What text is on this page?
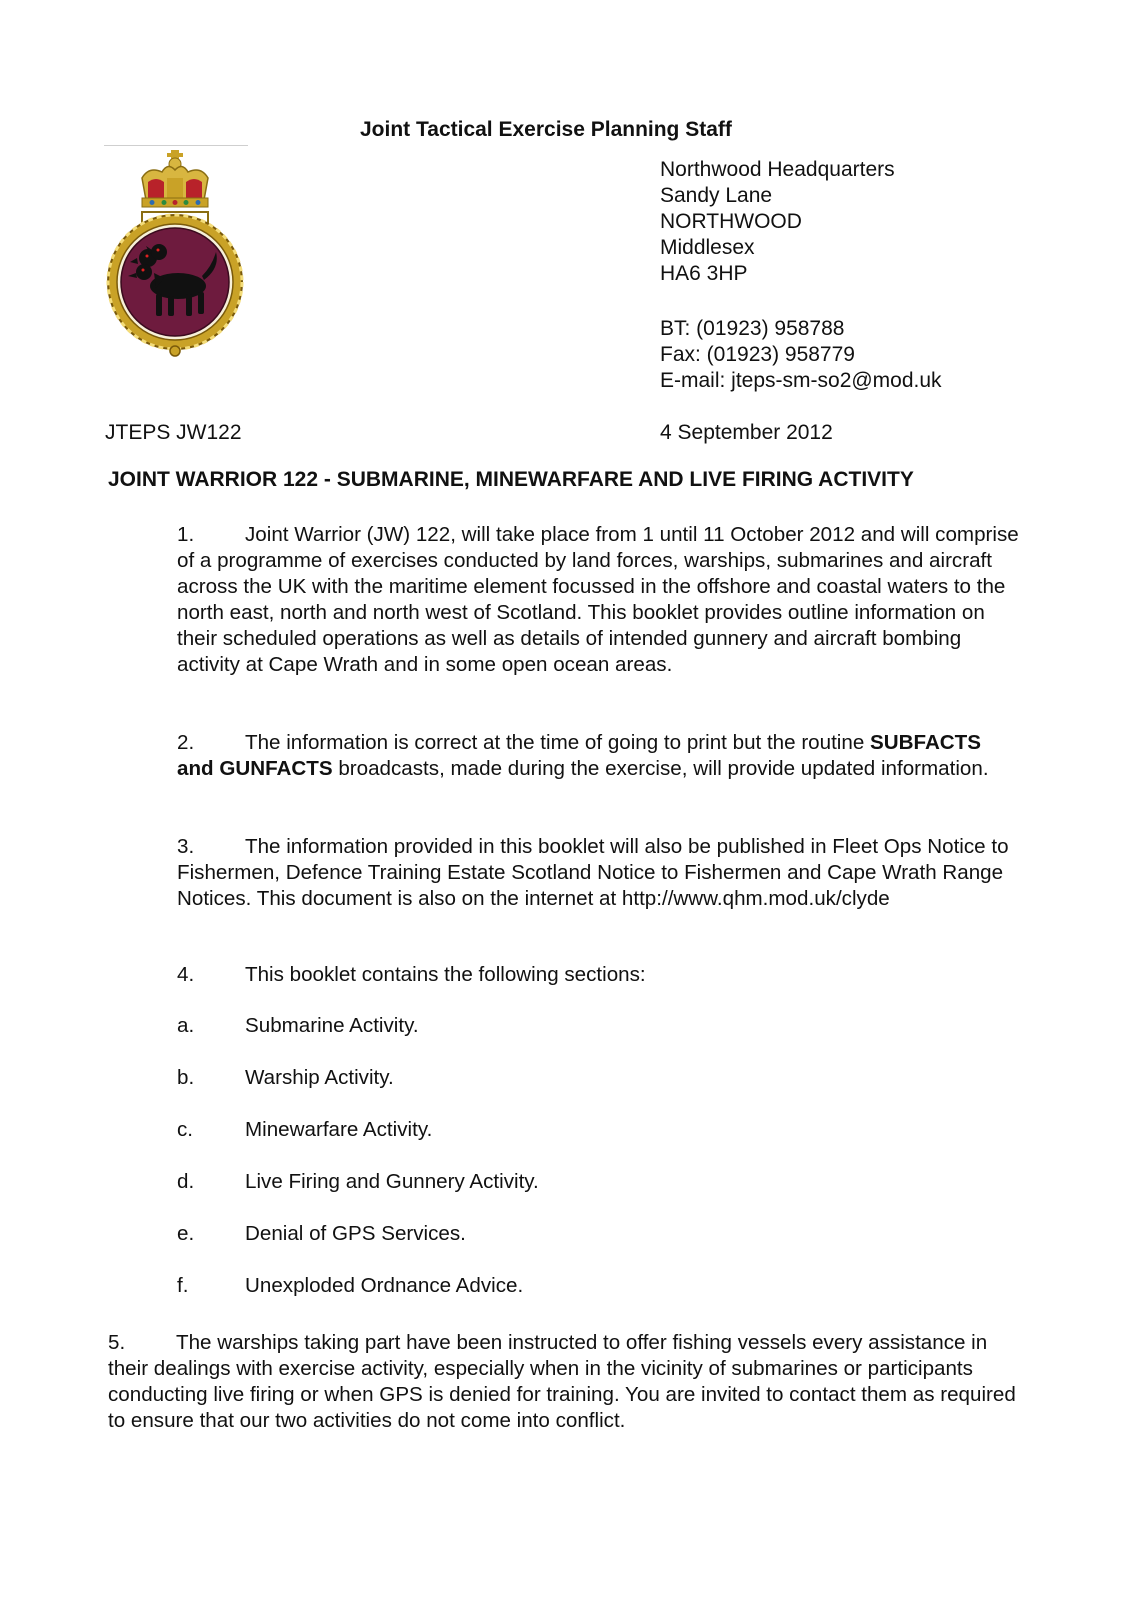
Joint Tactical Exercise Planning Staff
Northwood Headquarters
Sandy Lane
NORTHWOOD
Middlesex
HA6 3HP
BT: (01923) 958788
Fax: (01923) 958779
E-mail: jteps-sm-so2@mod.uk
JTEPS JW122	4 September 2012
JOINT WARRIOR 122 - SUBMARINE, MINEWARFARE AND LIVE FIRING ACTIVITY
1. Joint Warrior (JW) 122, will take place from 1 until 11 October 2012 and will comprise of a programme of exercises conducted by land forces, warships, submarines and aircraft across the UK with the maritime element focussed in the offshore and coastal waters to the north east, north and north west of Scotland. This booklet provides outline information on their scheduled operations as well as details of intended gunnery and aircraft bombing activity at Cape Wrath and in some open ocean areas.
2. The information is correct at the time of going to print but the routine SUBFACTS and GUNFACTS broadcasts, made during the exercise, will provide updated information.
3. The information provided in this booklet will also be published in Fleet Ops Notice to Fishermen, Defence Training Estate Scotland Notice to Fishermen and Cape Wrath Range Notices. This document is also on the internet at http://www.qhm.mod.uk/clyde
4. This booklet contains the following sections:
a. Submarine Activity.
b. Warship Activity.
c.	Minewarfare Activity.
d. Live Firing and Gunnery Activity.
e. Denial of GPS Services.
f.	Unexploded Ordnance Advice.
5. The warships taking part have been instructed to offer fishing vessels every assistance in their dealings with exercise activity, especially when in the vicinity of submarines or participants conducting live firing or when GPS is denied for training. You are invited to contact them as required to ensure that our two activities do not come into conflict.
